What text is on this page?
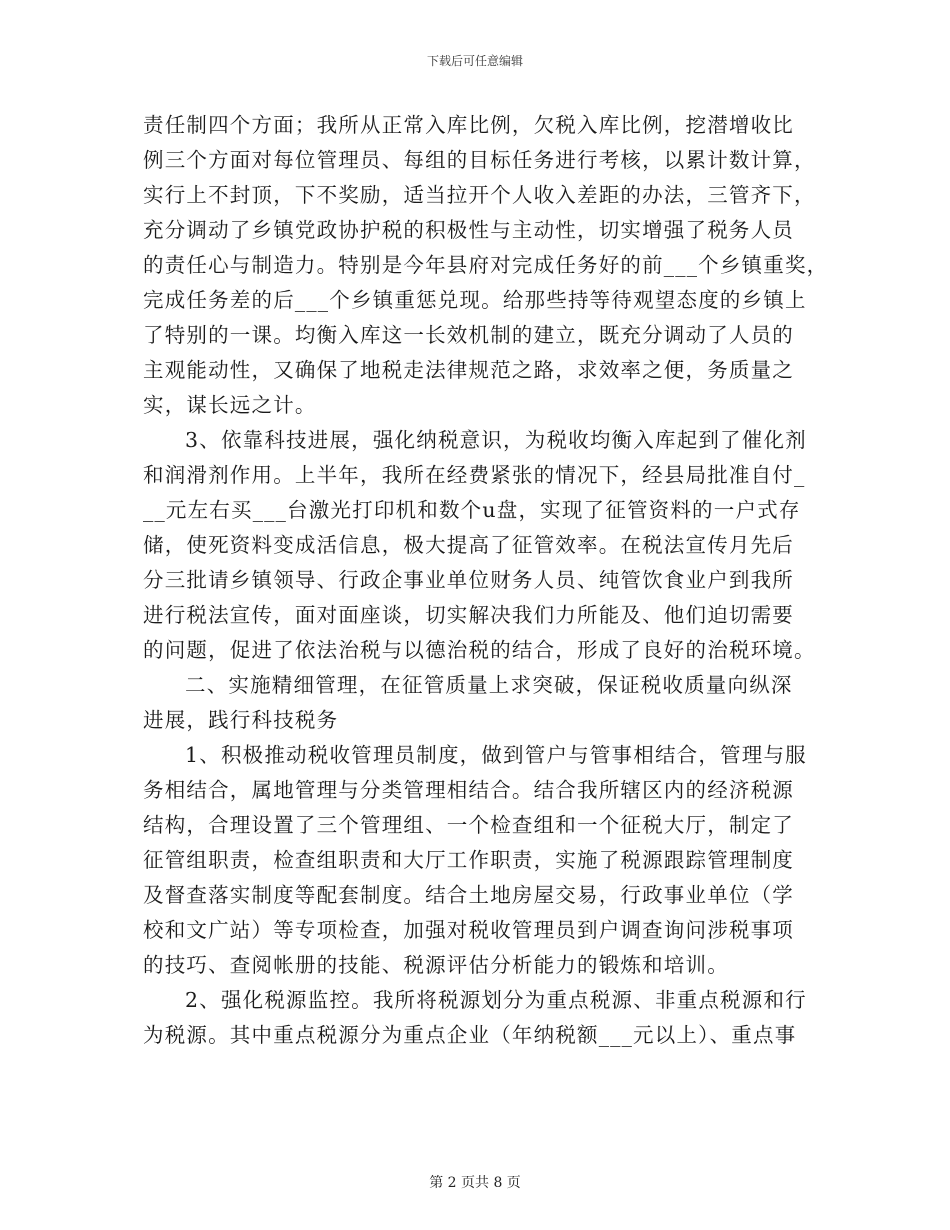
下载后可任意编辑
责任制四个方面；我所从正常入库比例，欠税入库比例，挖潜增收比
例三个方面对每位管理员、每组的目标任务进行考核，以累计数计算，
实行上不封顶，下不奖励，适当拉开个人收入差距的办法，三管齐下，
充分调动了乡镇党政协护税的积极性与主动性，切实增强了税务人员
的责任心与制造力。特别是今年县府对完成任务好的前___个乡镇重奖，
完成任务差的后___个乡镇重惩兑现。给那些持等待观望态度的乡镇上
了特别的一课。均衡入库这一长效机制的建立，既充分调动了人员的
主观能动性，又确保了地税走法律规范之路，求效率之便，务质量之
实，谋长远之计。
3、依靠科技进展，强化纳税意识，为税收均衡入库起到了催化剂
和润滑剂作用。上半年，我所在经费紧张的情况下，经县局批准自付_
__元左右买___台激光打印机和数个u盘，实现了征管资料的一户式存
储，使死资料变成活信息，极大提高了征管效率。在税法宣传月先后
分三批请乡镇领导、行政企事业单位财务人员、纯管饮食业户到我所
进行税法宣传，面对面座谈，切实解决我们力所能及、他们迫切需要
的问题，促进了依法治税与以德治税的结合，形成了良好的治税环境。
二、实施精细管理，在征管质量上求突破，保证税收质量向纵深
进展，践行科技税务
1、积极推动税收管理员制度，做到管户与管事相结合，管理与服
务相结合，属地管理与分类管理相结合。结合我所辖区内的经济税源
结构，合理设置了三个管理组、一个检查组和一个征税大厅，制定了
征管组职责，检查组职责和大厅工作职责，实施了税源跟踪管理制度
及督查落实制度等配套制度。结合土地房屋交易，行政事业单位（学
校和文广站）等专项检查，加强对税收管理员到户调查询问涉税事项
的技巧、查阅帐册的技能、税源评估分析能力的锻炼和培训。
2、强化税源监控。我所将税源划分为重点税源、非重点税源和行
为税源。其中重点税源分为重点企业（年纳税额___元以上）、重点事
第 2 页共 8 页
